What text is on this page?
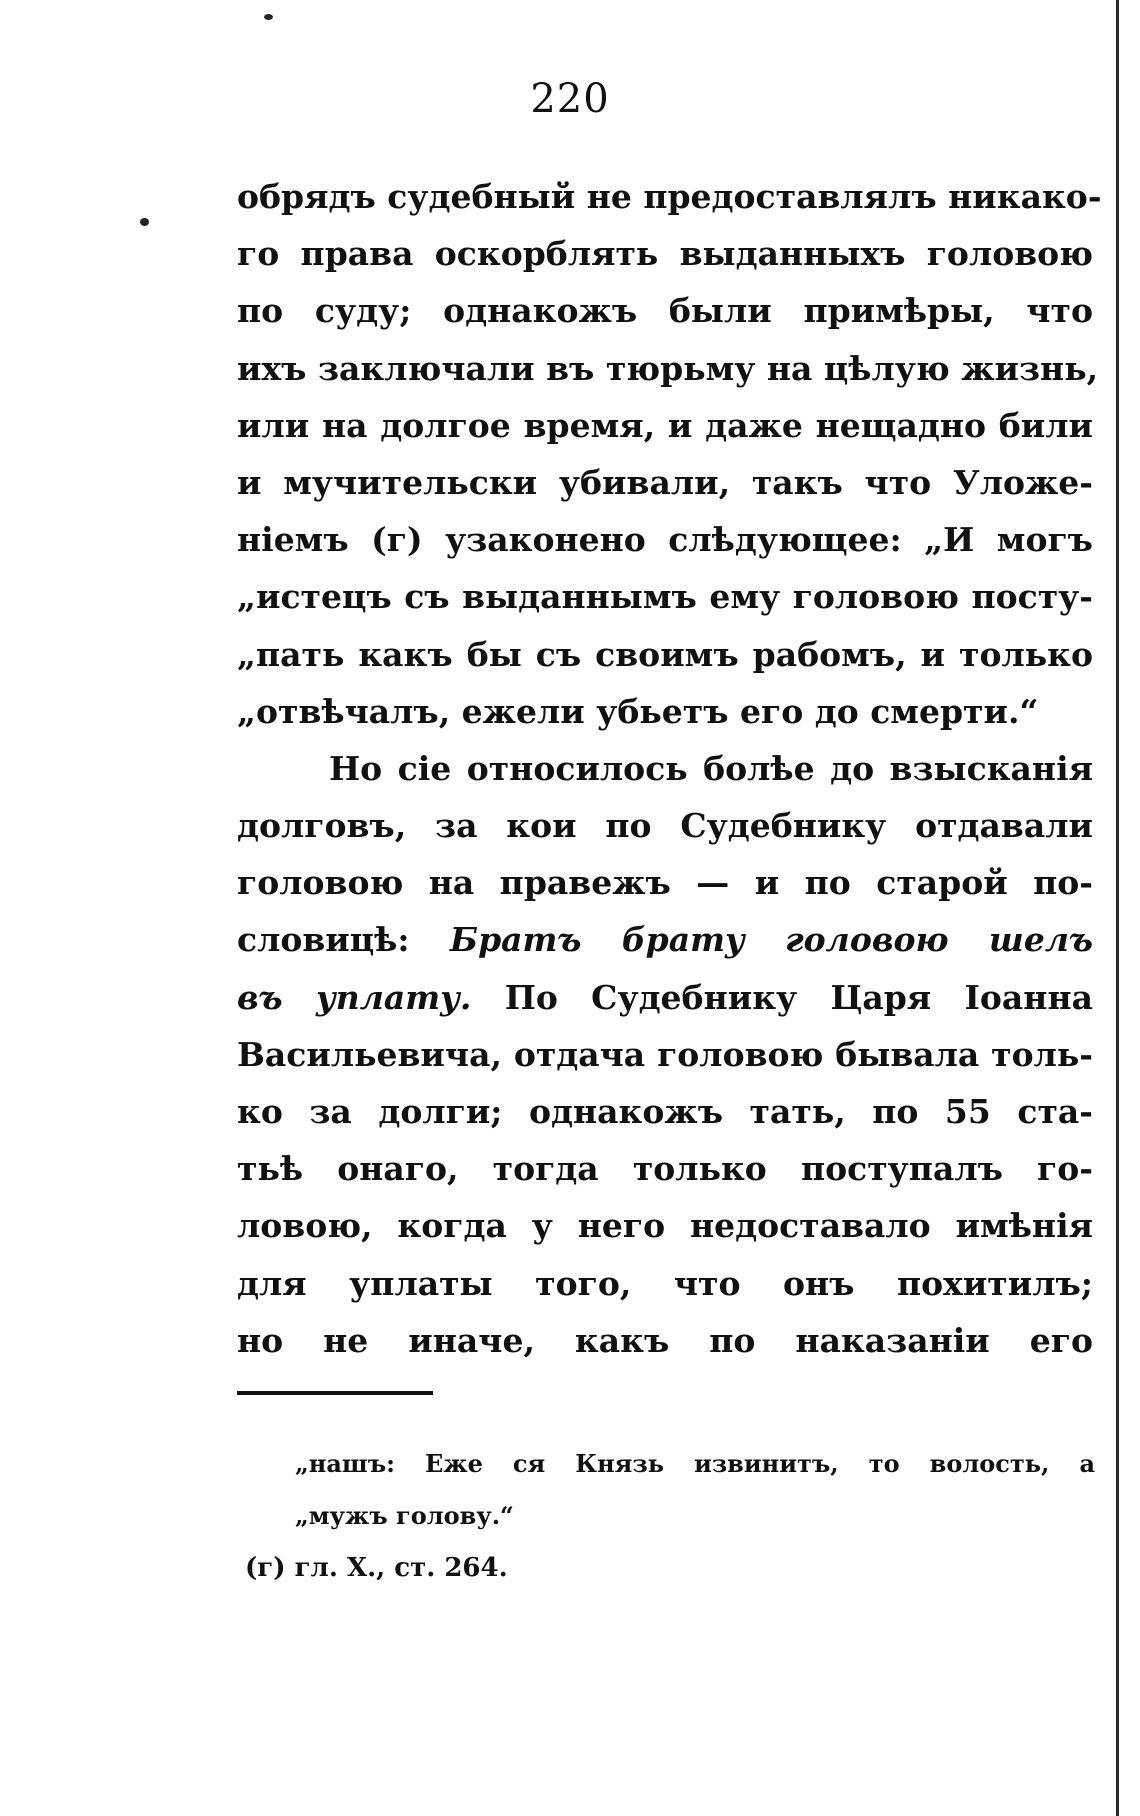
220
обрядъ судебный не предоставлялъ никако-
го права оскорблять выданныхъ головою
по суду; однакожъ были примѣры, что
ихъ заключали въ тюрьму на цѣлую жизнь,
или на долгое время, и даже нещадно били
и мучительски убивали, такъ что Уложе-
ніемъ (г) узаконено слѣдующее: „И могъ
„истецъ съ выданнымъ ему головою посту-
„пать какъ бы съ своимъ рабомъ, и только
„отвѣчалъ, ежели убьетъ его до смерти.“
Но сіе относилось болѣе до взысканія
долговъ, за кои по Судебнику отдавали
головою на правежъ — и по старой по-
словицѣ: Братъ брату головою шелъ
въ уплату. По Судебнику Царя Іоанна
Васильевича, отдача головою бывала толь-
ко за долги; однакожъ тать, по 55 ста-
тьѣ онаго, тогда только поступалъ го-
ловою, когда у него недоставало имѣнія
для уплаты того, что онъ похитилъ;
но не иначе, какъ по наказаніи его
„нашъ: Еже ся Князь извинитъ, то волость, а
„мужъ голову.“
(г) гл. X., ст. 264.
